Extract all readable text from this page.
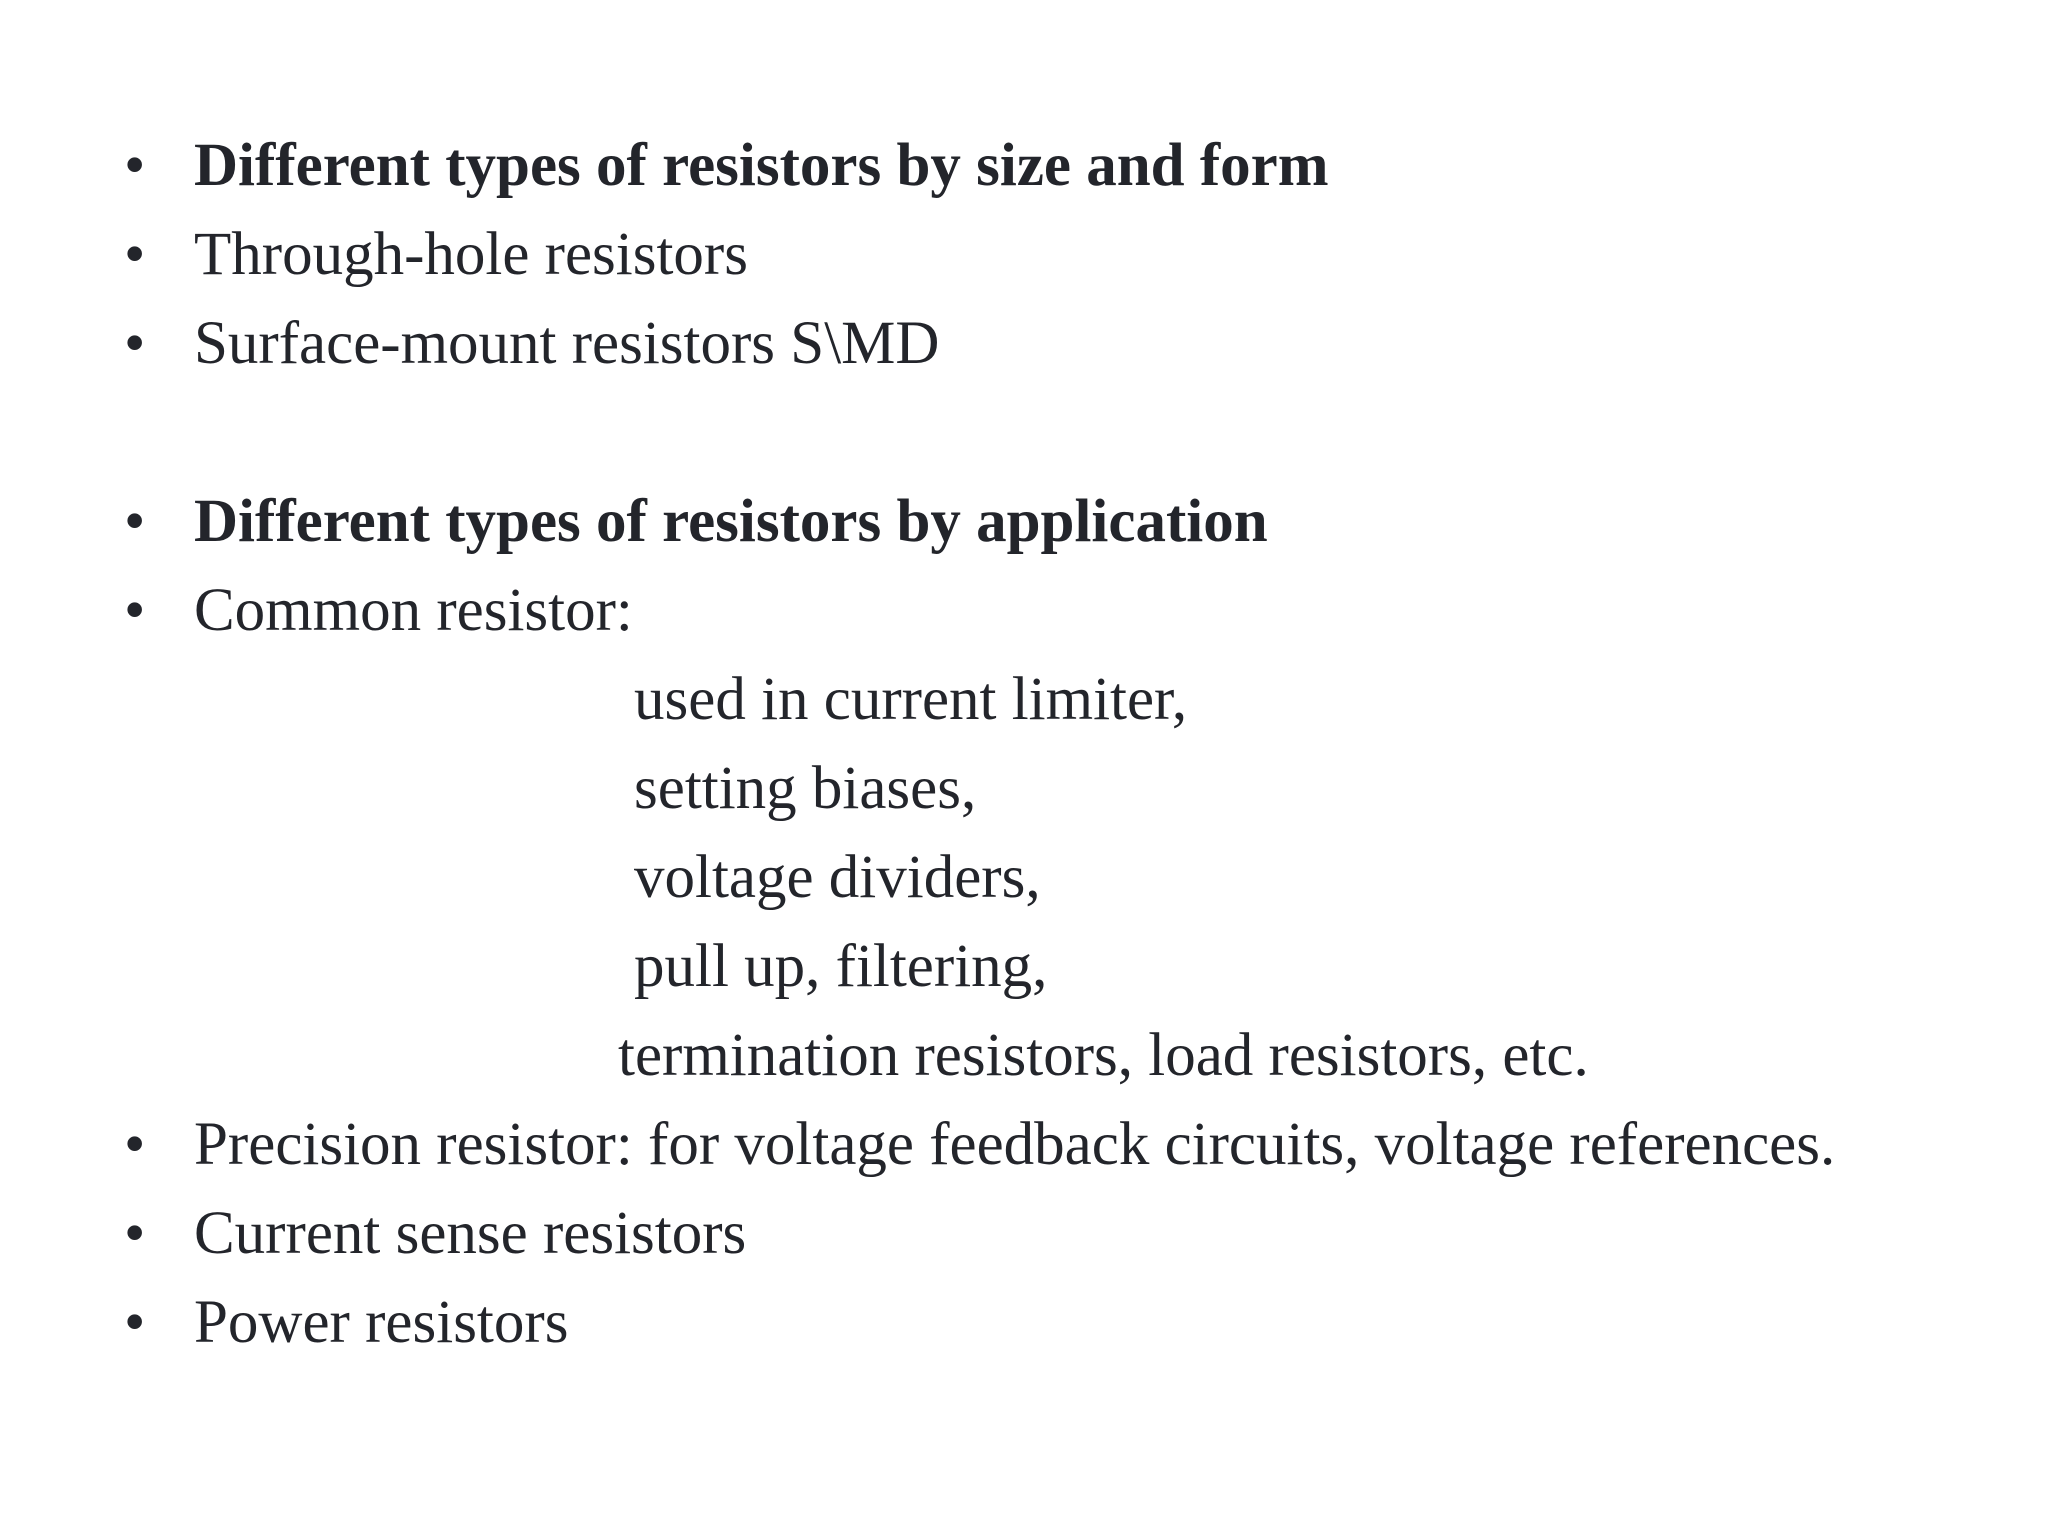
• Different types of resistors by size and form
• Through-hole resistors
• Surface-mount resistors S\MD
• Different types of resistors by application
• Common resistor:
used in current limiter,
setting biases,
voltage dividers,
pull up, filtering,
termination resistors, load resistors, etc.
• Precision resistor: for voltage feedback circuits, voltage references.
• Current sense resistors
• Power resistors
